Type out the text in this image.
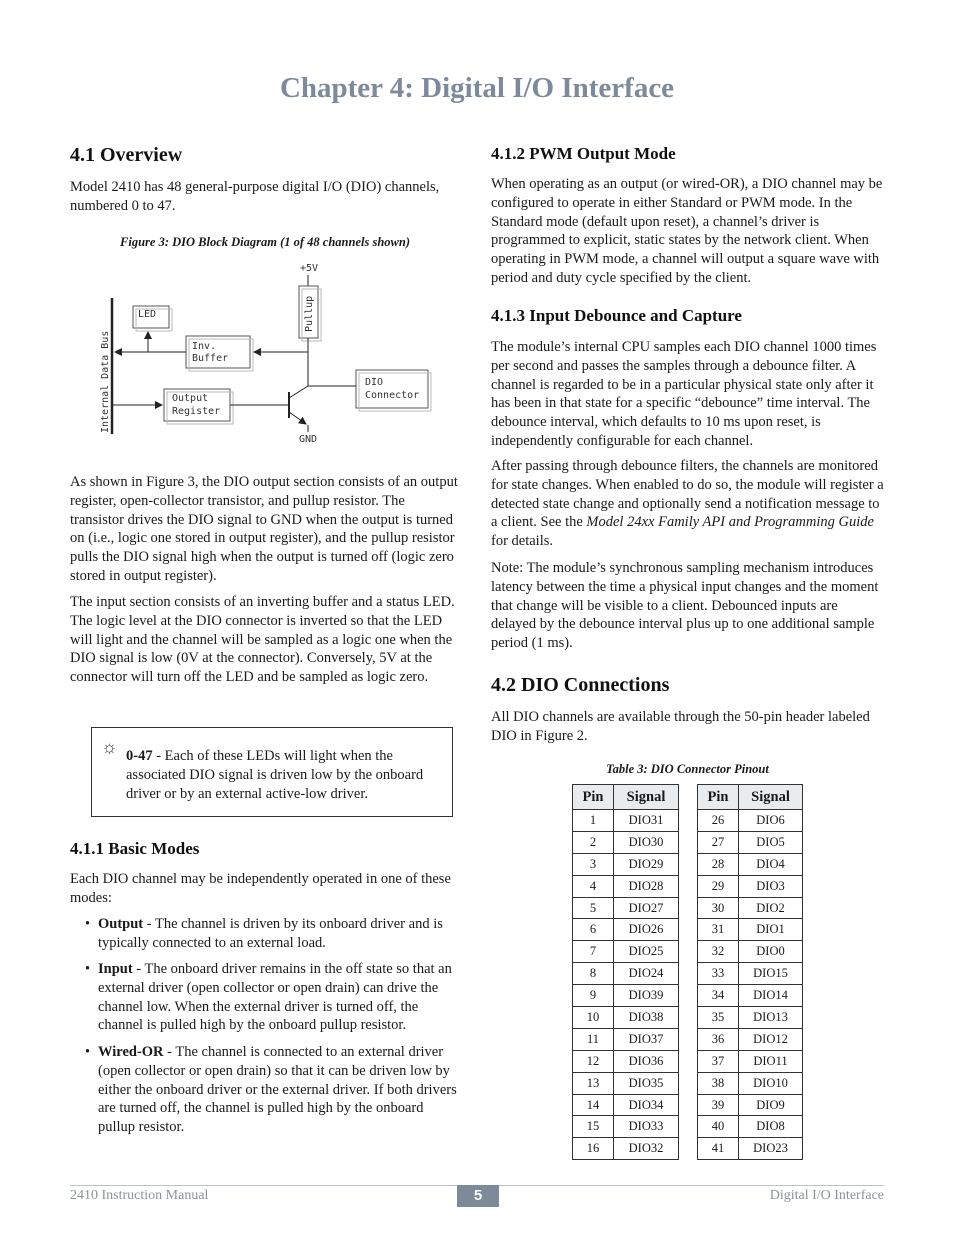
Chapter 4: Digital I/O Interface
4.1 Overview

Model 2410 has 48 general-purpose digital I/O (DIO) channels, numbered 0 to 47.

Figure 3: DIO Block Diagram (1 of 48 channels shown)
Internal Data Bus
LED
Inv.
Buffer
Output
Register
+5V
Pullup
DIO
Connector
GND

As shown in Figure 3, the DIO output section consists of an output register, open-collector transistor, and pullup resistor. The transistor drives the DIO signal to GND when the output is turned on (i.e., logic one stored in output register), and the pullup resistor pulls the DIO signal high when the output is turned off (logic zero stored in output register).

The input section consists of an inverting buffer and a status LED. The logic level at the DIO connector is inverted so that the LED will light and the channel will be sampled as a logic one when the DIO signal is low (0V at the connector). Conversely, 5V at the connector will turn off the LED and be sampled as logic zero.

☼ 0-47 - Each of these LEDs will light when the associated DIO signal is driven low by the onboard driver or by an external active-low driver.
4.1.1 Basic Modes

Each DIO channel may be independently operated in one of these modes:

• Output - The channel is driven by its onboard driver and is typically connected to an external load.
• Input - The onboard driver remains in the off state so that an external driver (open collector or open drain) can drive the channel low. When the external driver is turned off, the channel is pulled high by the onboard pullup resistor.
• Wired-OR - The channel is connected to an external driver (open collector or open drain) so that it can be driven low by either the onboard driver or the external driver. If both drivers are turned off, the channel is pulled high by the onboard pullup resistor.
4.1.2 PWM Output Mode

When operating as an output (or wired-OR), a DIO channel may be configured to operate in either Standard or PWM mode. In the Standard mode (default upon reset), a channel’s driver is programmed to explicit, static states by the network client. When operating in PWM mode, a channel will output a square wave with period and duty cycle specified by the client.

4.1.3 Input Debounce and Capture

The module’s internal CPU samples each DIO channel 1000 times per second and passes the samples through a debounce filter. A channel is regarded to be in a particular physical state only after it has been in that state for a specific “debounce” time interval. The debounce interval, which defaults to 10 ms upon reset, is independently configurable for each channel.

After passing through debounce filters, the channels are monitored for state changes. When enabled to do so, the module will register a detected state change and optionally send a notification message to a client. See the Model 24xx Family API and Programming Guide for details.

Note: The module’s synchronous sampling mechanism introduces latency between the time a physical input changes and the moment that change will be visible to a client. Debounced inputs are delayed by the debounce interval plus up to one additional sample period (1 ms).

4.2 DIO Connections

All DIO channels are available through the 50-pin header labeled DIO in Figure 2.

Table 3: DIO Connector Pinout
Pin	Signal
1	DIO31
2	DIO30
3	DIO29
4	DIO28
5	DIO27
6	DIO26
7	DIO25
8	DIO24
9	DIO39
10	DIO38
11	DIO37
12	DIO36
13	DIO35
14	DIO34
15	DIO33
16	DIO32
Pin	Signal
26	DIO6
27	DIO5
28	DIO4
29	DIO3
30	DIO2
31	DIO1
32	DIO0
33	DIO15
34	DIO14
35	DIO13
36	DIO12
37	DIO11
38	DIO10
39	DIO9
40	DIO8
41	DIO23
2410 Instruction Manual	5	Digital I/O Interface
